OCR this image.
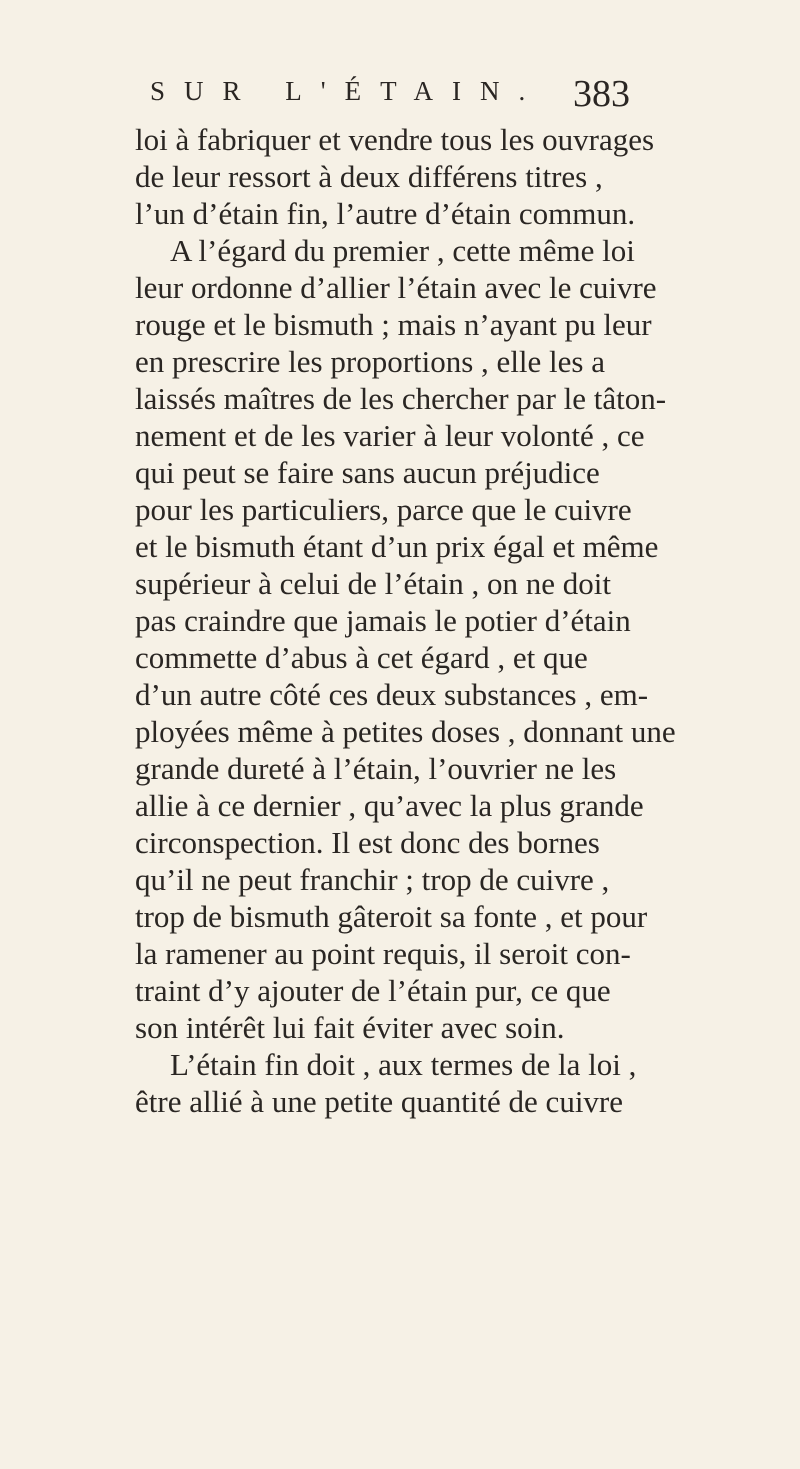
SUR L'ÉTAIN. 383
loi à fabriquer et vendre tous les ouvrages
de leur ressort à deux différens titres ,
l’un d’étain fin, l’autre d’étain commun.
A l’égard du premier , cette même loi
leur ordonne d’allier l’étain avec le cuivre
rouge et le bismuth ; mais n’ayant pu leur
en prescrire les proportions , elle les a
laissés maîtres de les chercher par le tâton-
nement et de les varier à leur volonté , ce
qui peut se faire sans aucun préjudice
pour les particuliers, parce que le cuivre
et le bismuth étant d’un prix égal et même
supérieur à celui de l’étain , on ne doit
pas craindre que jamais le potier d’étain
commette d’abus à cet égard , et que
d’un autre côté ces deux substances , em-
ployées même à petites doses , donnant une
grande dureté à l’étain, l’ouvrier ne les
allie à ce dernier , qu’avec la plus grande
circonspection. Il est donc des bornes
qu’il ne peut franchir ; trop de cuivre ,
trop de bismuth gâteroit sa fonte , et pour
la ramener au point requis, il seroit con-
traint d’y ajouter de l’étain pur, ce que
son intérêt lui fait éviter avec soin.
L’étain fin doit , aux termes de la loi ,
être allié à une petite quantité de cuivre
